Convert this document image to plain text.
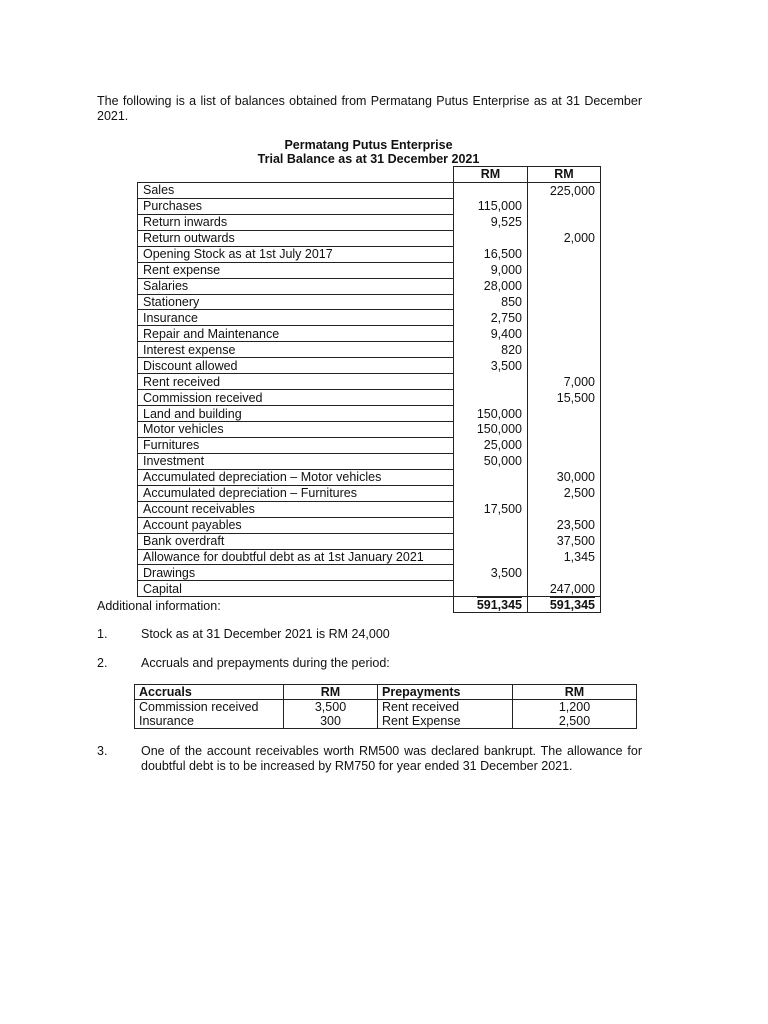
The following is a list of balances obtained from Permatang Putus Enterprise as at 31 December 2021.
Permatang Putus Enterprise
Trial Balance as at 31 December 2021
	RM	RM
Sales		225,000
Purchases	115,000	
Return inwards	9,525	
Return outwards		2,000
Opening Stock as at 1st July 2017	16,500	
Rent expense	9,000	
Salaries	28,000	
Stationery	850	
Insurance	2,750	
Repair and Maintenance	9,400	
Interest expense	820	
Discount allowed	3,500	
Rent received		7,000
Commission received		15,500
Land and building	150,000	
Motor vehicles	150,000	
Furnitures	25,000	
Investment	50,000	
Accumulated depreciation – Motor vehicles		30,000
Accumulated depreciation – Furnitures		2,500
Account receivables	17,500	
Account payables		23,500
Bank overdraft		37,500
Allowance for doubtful debt as at 1st January 2021		1,345
Drawings	3,500	
Capital		247,000
	591,345	591,345
Additional information:
1.	Stock as at 31 December 2021 is RM 24,000
2.	Accruals and prepayments during the period:
Accruals	RM	Prepayments	RM
Commission received	3,500	Rent received	1,200
Insurance	300	Rent Expense	2,500
3.	One of the account receivables worth RM500 was declared bankrupt. The allowance for doubtful debt is to be increased by RM750 for year ended 31 December 2021.
